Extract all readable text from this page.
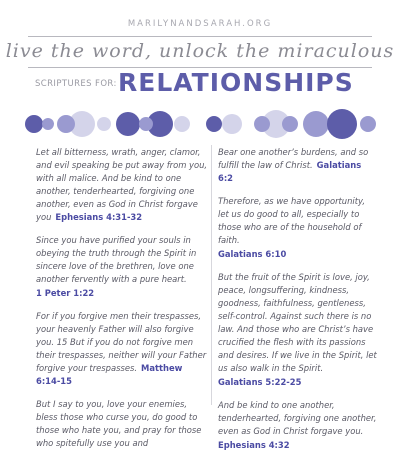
MARILYNANDSARAH.ORG
live the word, unlock the miraculous
SCRIPTURES FOR: RELATIONSHIPS

Let all bitterness, wrath, anger, clamor, and evil speaking be put away from you, with all malice. And be kind to one another, tenderhearted, forgiving one another, even as God in Christ forgave you Ephesians 4:31-32

Since you have purified your souls in obeying the truth through the Spirit in sincere love of the brethren, love one another fervently with a pure heart.
1 Peter 1:22

For if you forgive men their trespasses, your heavenly Father will also forgive you. 15 But if you do not forgive men their trespasses, neither will your Father forgive your trespasses. Matthew 6:14-15

But I say to you, love your enemies, bless those who curse you, do good to those who hate you, and pray for those who spitefully use you and

Bear one another’s burdens, and so fulfill the law of Christ. Galatians 6:2

Therefore, as we have opportunity, let us do good to all, especially to those who are of the household of faith.
Galatians 6:10

But the fruit of the Spirit is love, joy, peace, longsuffering, kindness, goodness, faithfulness, gentleness, self-control. Against such there is no law. And those who are Christ’s have crucified the flesh with its passions and desires. If we live in the Spirit, let us also walk in the Spirit.
Galatians 5:22-25

And be kind to one another, tenderhearted, forgiving one another, even as God in Christ forgave you.
Ephesians 4:32
